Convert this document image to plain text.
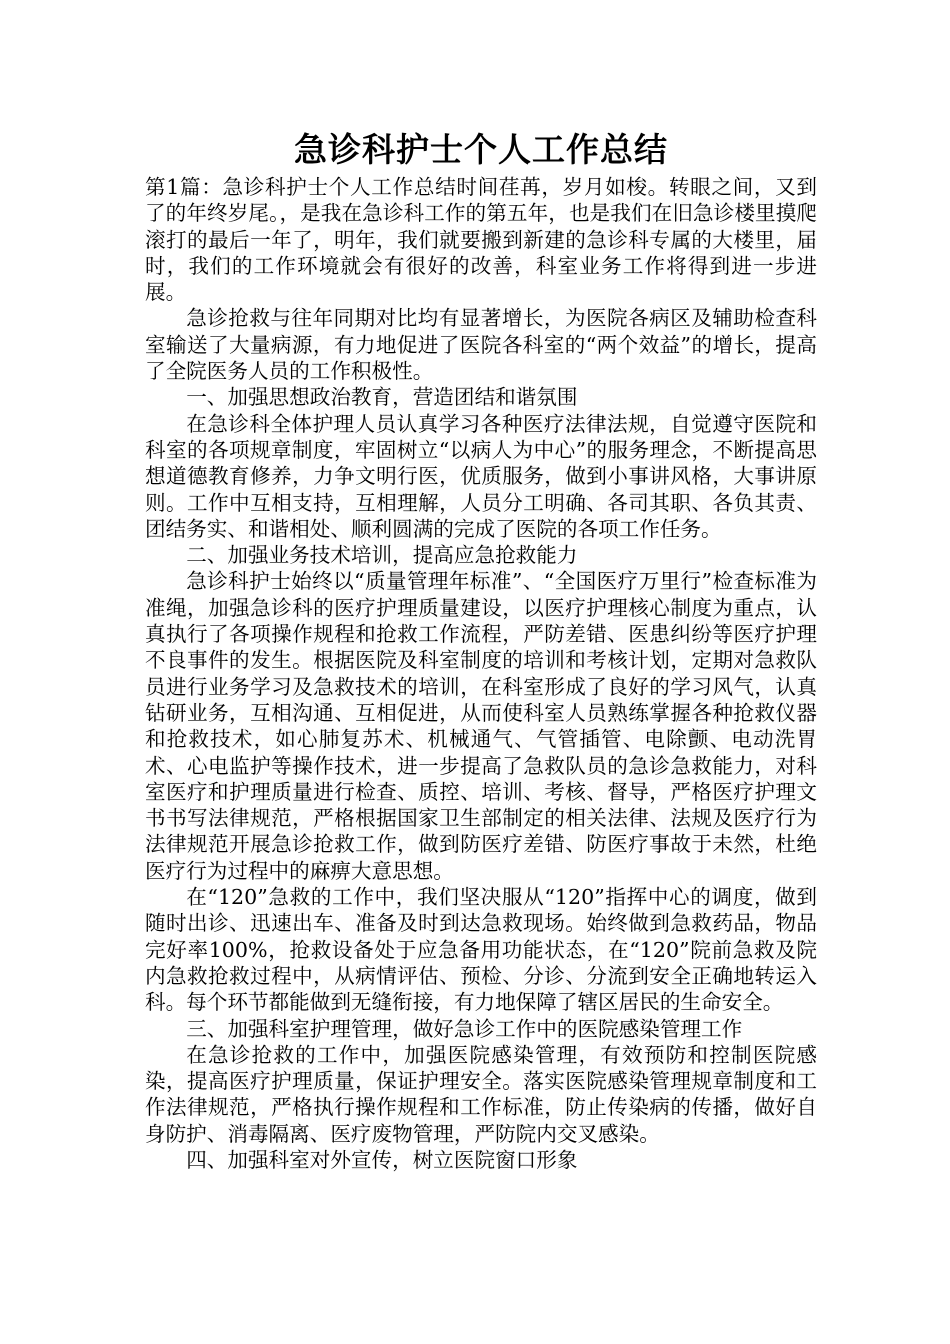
急诊科护士个人工作总结

第1篇：急诊科护士个人工作总结时间荏苒，岁月如梭。转眼之间，又到了的年终岁尾。，是我在急诊科工作的第五年，也是我们在旧急诊楼里摸爬滚打的最后一年了，明年，我们就要搬到新建的急诊科专属的大楼里，届时，我们的工作环境就会有很好的改善，科室业务工作将得到进一步进展。

急诊抢救与往年同期对比均有显著增长，为医院各病区及辅助检查科室输送了大量病源，有力地促进了医院各科室的“两个效益”的增长，提高了全院医务人员的工作积极性。

一、加强思想政治教育，营造团结和谐氛围

在急诊科全体护理人员认真学习各种医疗法律法规，自觉遵守医院和科室的各项规章制度，牢固树立“以病人为中心”的服务理念，不断提高思想道德教育修养，力争文明行医，优质服务，做到小事讲风格，大事讲原则。工作中互相支持，互相理解，人员分工明确、各司其职、各负其责、团结务实、和谐相处、顺利圆满的完成了医院的各项工作任务。

二、加强业务技术培训，提高应急抢救能力

急诊科护士始终以“质量管理年标准”、“全国医疗万里行”检查标准为准绳，加强急诊科的医疗护理质量建设，以医疗护理核心制度为重点，认真执行了各项操作规程和抢救工作流程，严防差错、医患纠纷等医疗护理不良事件的发生。根据医院及科室制度的培训和考核计划，定期对急救队员进行业务学习及急救技术的培训，在科室形成了良好的学习风气，认真钻研业务，互相沟通、互相促进，从而使科室人员熟练掌握各种抢救仪器和抢救技术，如心肺复苏术、机械通气、气管插管、电除颤、电动洗胃术、心电监护等操作技术，进一步提高了急救队员的急诊急救能力，对科室医疗和护理质量进行检查、质控、培训、考核、督导，严格医疗护理文书书写法律规范，严格根据国家卫生部制定的相关法律、法规及医疗行为法律规范开展急诊抢救工作，做到防医疗差错、防医疗事故于未然，杜绝医疗行为过程中的麻痹大意思想。

在“120”急救的工作中，我们坚决服从“120”指挥中心的调度，做到随时出诊、迅速出车、准备及时到达急救现场。始终做到急救药品，物品完好率100%，抢救设备处于应急备用功能状态，在“120”院前急救及院内急救抢救过程中，从病情评估、预检、分诊、分流到安全正确地转运入科。每个环节都能做到无缝衔接，有力地保障了辖区居民的生命安全。

三、加强科室护理管理，做好急诊工作中的医院感染管理工作

在急诊抢救的工作中，加强医院感染管理，有效预防和控制医院感染，提高医疗护理质量，保证护理安全。落实医院感染管理规章制度和工作法律规范，严格执行操作规程和工作标准，防止传染病的传播，做好自身防护、消毒隔离、医疗废物管理，严防院内交叉感染。

四、加强科室对外宣传，树立医院窗口形象
